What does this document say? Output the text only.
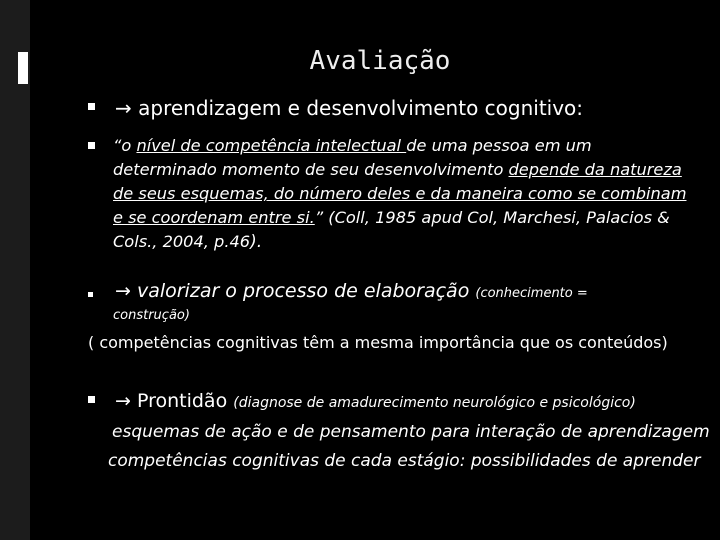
Avaliação
→ aprendizagem e desenvolvimento cognitivo:
“o nível de competência intelectual de uma pessoa em um determinado momento de seu desenvolvimento depende da natureza de seus esquemas, do número deles e da maneira como se combinam e se coordenam entre si.” (Coll, 1985 apud Col, Marchesi, Palacios & Cols., 2004, p.46).
→ valorizar o processo de elaboração (conhecimento =
construção)
( competências cognitivas têm a mesma importância que os conteúdos)
→ Prontidão (diagnose de amadurecimento neurológico e psicológico)
esquemas de ação e de pensamento para interação de aprendizagem
competências cognitivas de cada estágio: possibilidades de aprender
